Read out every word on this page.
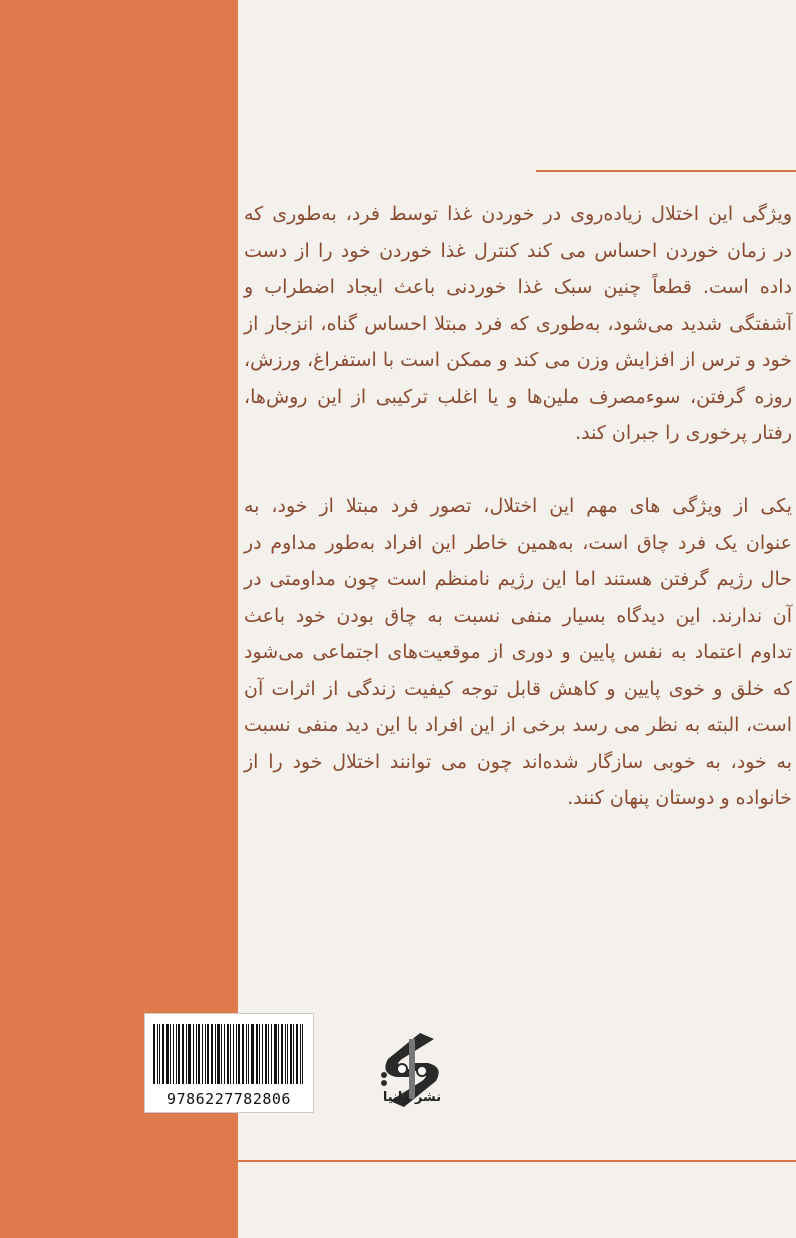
ویژگی این اختلال زیاده‌روی در خوردن غذا توسط فرد، به‌طوری که
در زمان خوردن احساس می کند کنترل غذا خوردن خود را از دست
داده است. قطعاً چنین سبک غذا خوردنی باعث ایجاد اضطراب و
آشفتگی شدید می‌شود، به‌طوری که فرد مبتلا احساس گناه، انزجار از
خود و ترس از افزایش وزن می کند و ممکن است با استفراغ، ورزش،
روزه گرفتن، سوءمصرف ملین‌ها و یا اغلب ترکیبی از این روش‌ها،
رفتار پرخوری را جبران کند.
یکی از ویژگی های مهم این اختلال، تصور فرد مبتلا از خود، به
عنوان یک فرد چاق است، به‌همین خاطر این افراد به‌طور مداوم در
حال رژیم گرفتن هستند اما این رژیم نامنظم است چون مداومتی در
آن ندارند. این دیدگاه بسیار منفی نسبت به چاق بودن خود باعث
تداوم اعتماد به نفس پایین و دوری از موقعیت‌های اجتماعی می‌شود
که خلق و خوی پایین و کاهش قابل توجه کیفیت زندگی از اثرات آن
است، البته به نظر می رسد برخی از این افراد با این دید منفی نسبت
به خود، به خوبی سازگار شده‌اند چون می توانند اختلال خود را از
خانواده و دوستان پنهان کنند.
9786227782806	نشر وانیا
